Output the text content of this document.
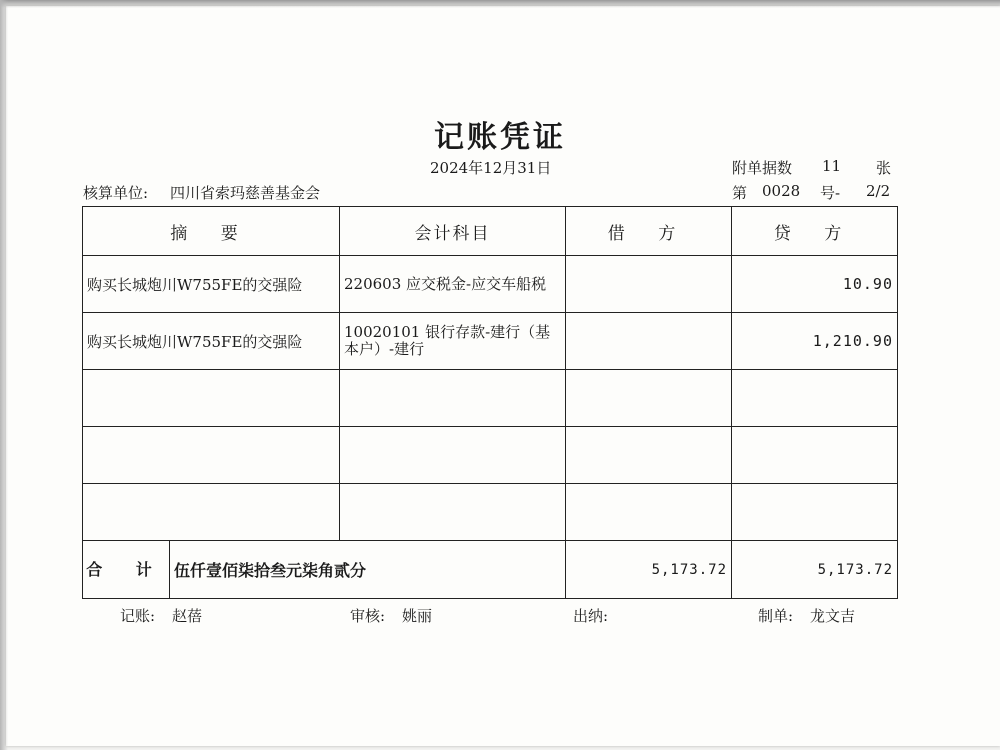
记账凭证
2024年12月31日	附单据数 11 张
核算单位: 四川省索玛慈善基金会	第 0028 号- 2/2
摘 要	会计科目	借 方	贷 方
购买长城炮川W755FE的交强险	220603 应交税金-应交车船税		10.90
购买长城炮川W755FE的交强险	10020101 银行存款-建行（基本户）-建行		1,210.90

合 计 伍仟壹佰柒拾叁元柒角贰分		5,173.72	5,173.72
记账: 赵蓓	审核: 姚丽	出纳:	制单: 龙文吉
